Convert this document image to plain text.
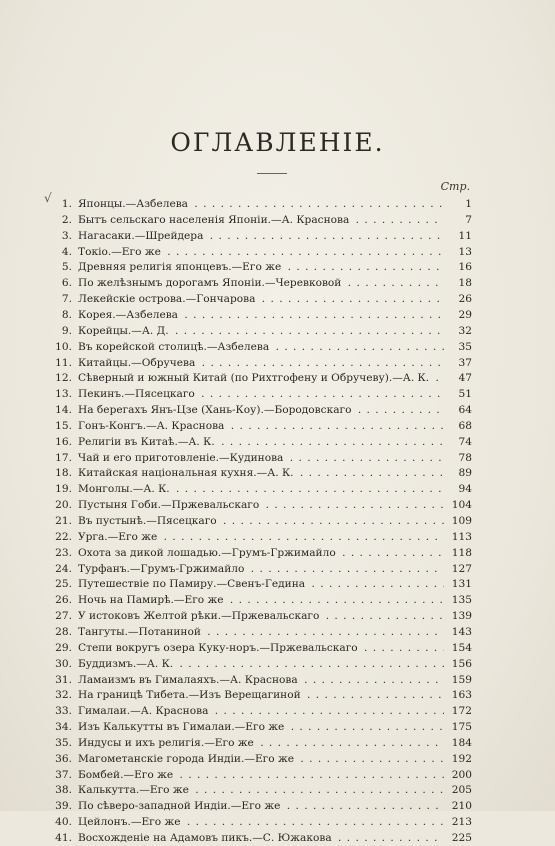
ОГЛАВЛЕНІЕ.
Стр.
√ 1. Японцы.—Азбелева . . .	1
2. Бытъ сельскаго населенія Японіи.—А. Краснова . . .	7
3. Нагасаки.—Шрейдера . . .	11
4. Токіо.—Его же . . .	13
5. Древняя религія японцевъ.—Его же . . .	16
6. По желѣзнымъ дорогамъ Японіи.—Черевковой . . .	18
7. Лекейскіе острова.—Гончарова . . .	26
8. Корея.—Азбелева . . .	29
9. Корейцы.—А. Д. . . .	32
10. Въ корейской столицѣ.—Азбелева . . .	35
11. Китайцы.—Обручева . . .	37
12. Сѣверный и южный Китай (по Рихтгофену и Обручеву).—А. К. . . .	47
13. Пекинъ.—Пясецкаго . . .	51
14. На берегахъ Янъ-Цзе (Хань-Коу).—Бородовскаго . . .	64
15. Гонъ-Конгъ.—А. Краснова . . .	68
16. Религіи въ Китаѣ.—А. К. . . .	74
17. Чай и его приготовленіе.—Кудинова . . .	78
18. Китайская національная кухня.—А. К. . . .	89
19. Монголы.—А. К. . . .	94
20. Пустыня Гоби.—Пржевальскаго . . .	104
21. Въ пустынѣ.—Пясецкаго . . .	109
22. Урга.—Его же . . .	113
23. Охота за дикой лошадью.—Грумъ-Гржимайло . . .	118
24. Турфанъ.—Грумъ-Гржимайло . . .	127
25. Путешествіе по Памиру.—Свенъ-Гедина . . .	131
26. Ночь на Памирѣ.—Его же . . .	135
27. У истоковъ Желтой рѣки.—Пржевальскаго . . .	139
28. Тангуты.—Потаниной . . .	143
29. Степи вокругъ озера Куку-норъ.—Пржевальскаго . . .	154
30. Буддизмъ.—А. К. . . .	156
31. Ламаизмъ въ Гималаяхъ.—А. Краснова . . .	159
32. На границѣ Тибета.—Изъ Верещагиной . . .	163
33. Гималаи.—А. Краснова . . .	172
34. Изъ Калькутты въ Гималаи.—Его же . . .	175
35. Индусы и ихъ религія.—Его же . . .	184
36. Магометанскіе города Индіи.—Его же . . .	192
37. Бомбей.—Его же . . .	200
38. Калькутта.—Его же . . .	205
39. По сѣверо-западной Индіи.—Его же . . .	210
40. Цейлонъ.—Его же . . .	213
41. Восхожденіе на Адамовъ пикъ.—С. Южакова . . .	225
